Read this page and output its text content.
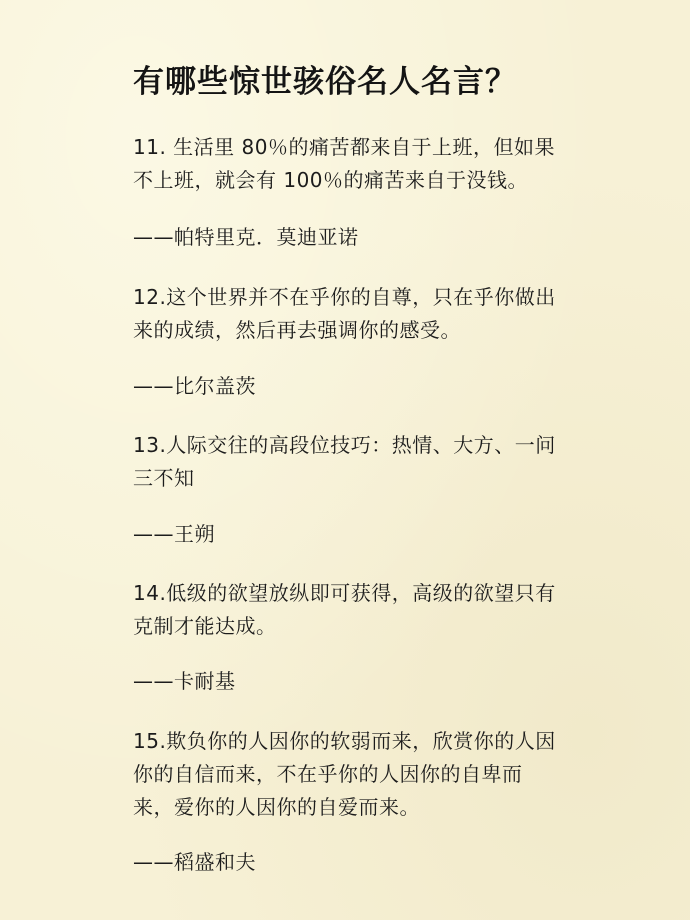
有哪些惊世骇俗名人名言？
11. 生活里 80％的痛苦都来自于上班，但如果
不上班，就会有 100％的痛苦来自于没钱。
——帕特里克．莫迪亚诺
12.这个世界并不在乎你的自尊，只在乎你做出
来的成绩，然后再去强调你的感受。
——比尔盖茨
13.人际交往的高段位技巧：热情、大方、一问
三不知
——王朔
14.低级的欲望放纵即可获得，高级的欲望只有
克制才能达成。
——卡耐基
15.欺负你的人因你的软弱而来，欣赏你的人因
你的自信而来，不在乎你的人因你的自卑而
来，爱你的人因你的自爱而来。
——稻盛和夫
